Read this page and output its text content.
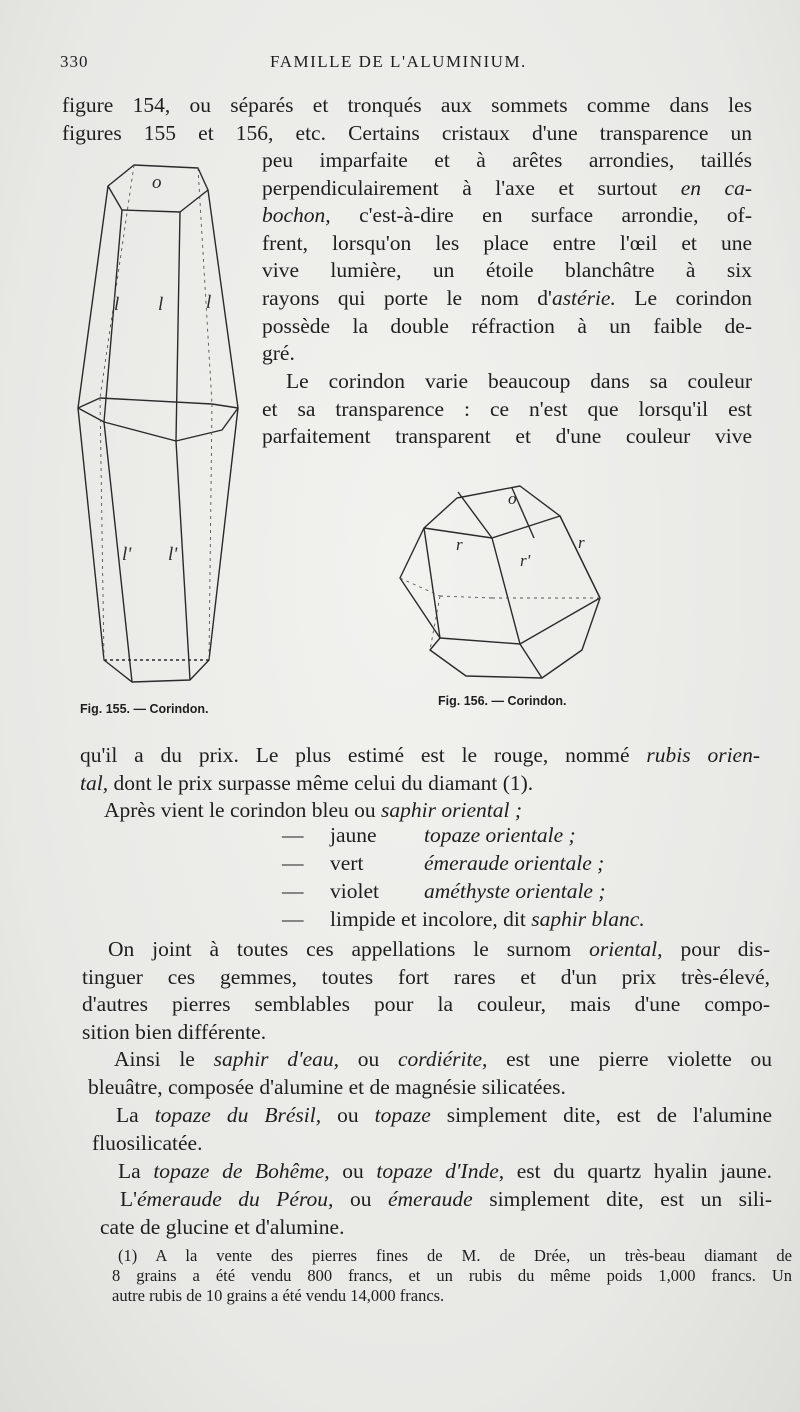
330	FAMILLE DE L'ALUMINIUM.
figure 154, ou séparés et tronqués aux sommets comme dans les
figures 155 et 156, etc. Certains cristaux d'une transparence un
peu imparfaite et à arêtes arrondies, taillés
perpendiculairement à l'axe et surtout en ca-
bochon, c'est-à-dire en surface arrondie, of-
frent, lorsqu'on les place entre l'œil et une
vive lumière, un étoile blanchâtre à six
rayons qui porte le nom d'astérie. Le corindon
possède la double réfraction à un faible de-
gré.
Le corindon varie beaucoup dans sa couleur
et sa transparence : ce n'est que lorsqu'il est
parfaitement transparent et d'une couleur vive
o
l l l
l' l'
Fig. 155. — Corindon.
o
r	r
r'
Fig. 156. — Corindon.
qu'il a du prix. Le plus estimé est le rouge, nommé rubis orien-
tal, dont le prix surpasse même celui du diamant (1).
Après vient le corindon bleu ou saphir oriental ;
— jaune topaze orientale ;
— vert	émeraude orientale ;
— violet améthyste orientale ;
— limpide et incolore, dit saphir blanc.
On joint à toutes ces appellations le surnom oriental, pour dis-
tinguer ces gemmes, toutes fort rares et d'un prix très-élevé,
d'autres pierres semblables pour la couleur, mais d'une compo-
sition bien différente.
Ainsi le saphir d'eau, ou cordiérite, est une pierre violette ou
bleuâtre, composée d'alumine et de magnésie silicatées.
La topaze du Brésil, ou topaze simplement dite, est de l'alumine
fluosilicatée.
La topaze de Bohême, ou topaze d'Inde, est du quartz hyalin jaune.
L'émeraude du Pérou, ou émeraude simplement dite, est un sili-
cate de glucine et d'alumine.
(1) A la vente des pierres fines de M. de Drée, un très-beau diamant de
8 grains a été vendu 800 francs, et un rubis du même poids 1,000 francs. Un
autre rubis de 10 grains a été vendu 14,000 francs.
